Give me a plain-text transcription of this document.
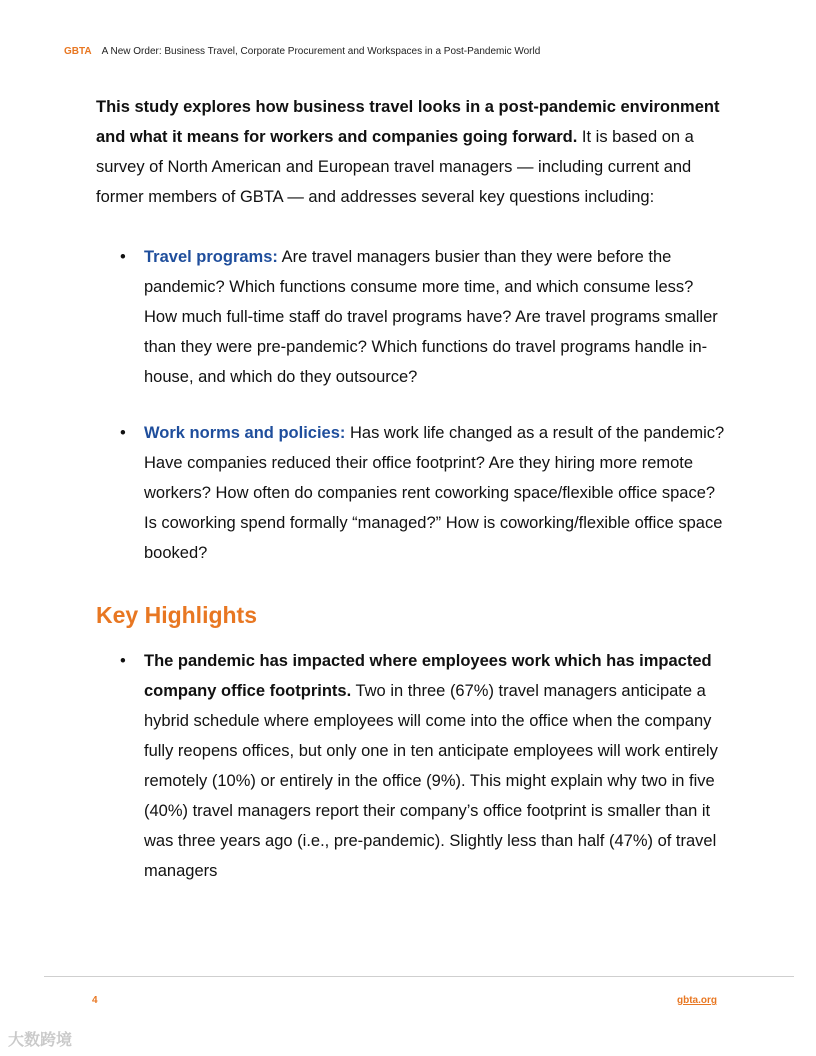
GBTA A New Order: Business Travel, Corporate Procurement and Workspaces in a Post-Pandemic World

This study explores how business travel looks in a post-pandemic environment and what it means for workers and companies going forward. It is based on a survey of North American and European travel managers — including current and former members of GBTA — and addresses several key questions including:

• Travel programs: Are travel managers busier than they were before the pandemic? Which functions consume more time, and which consume less? How much full-time staff do travel programs have? Are travel programs smaller than they were pre-pandemic? Which functions do travel programs handle in-house, and which do they outsource?
• Work norms and policies: Has work life changed as a result of the pandemic? Have companies reduced their office footprint? Are they hiring more remote workers? How often do companies rent coworking space/flexible office space? Is coworking spend formally “managed?” How is coworking/flexible office space booked?
Key Highlights
• The pandemic has impacted where employees work which has impacted company office footprints. Two in three (67%) travel managers anticipate a hybrid schedule where employees will come into the office when the company fully reopens offices, but only one in ten anticipate employees will work entirely remotely (10%) or entirely in the office (9%). This might explain why two in five (40%) travel managers report their company’s office footprint is smaller than it was three years ago (i.e., pre-pandemic). Slightly less than half (47%) of travel managers
4	gbta.org
大数跨境
